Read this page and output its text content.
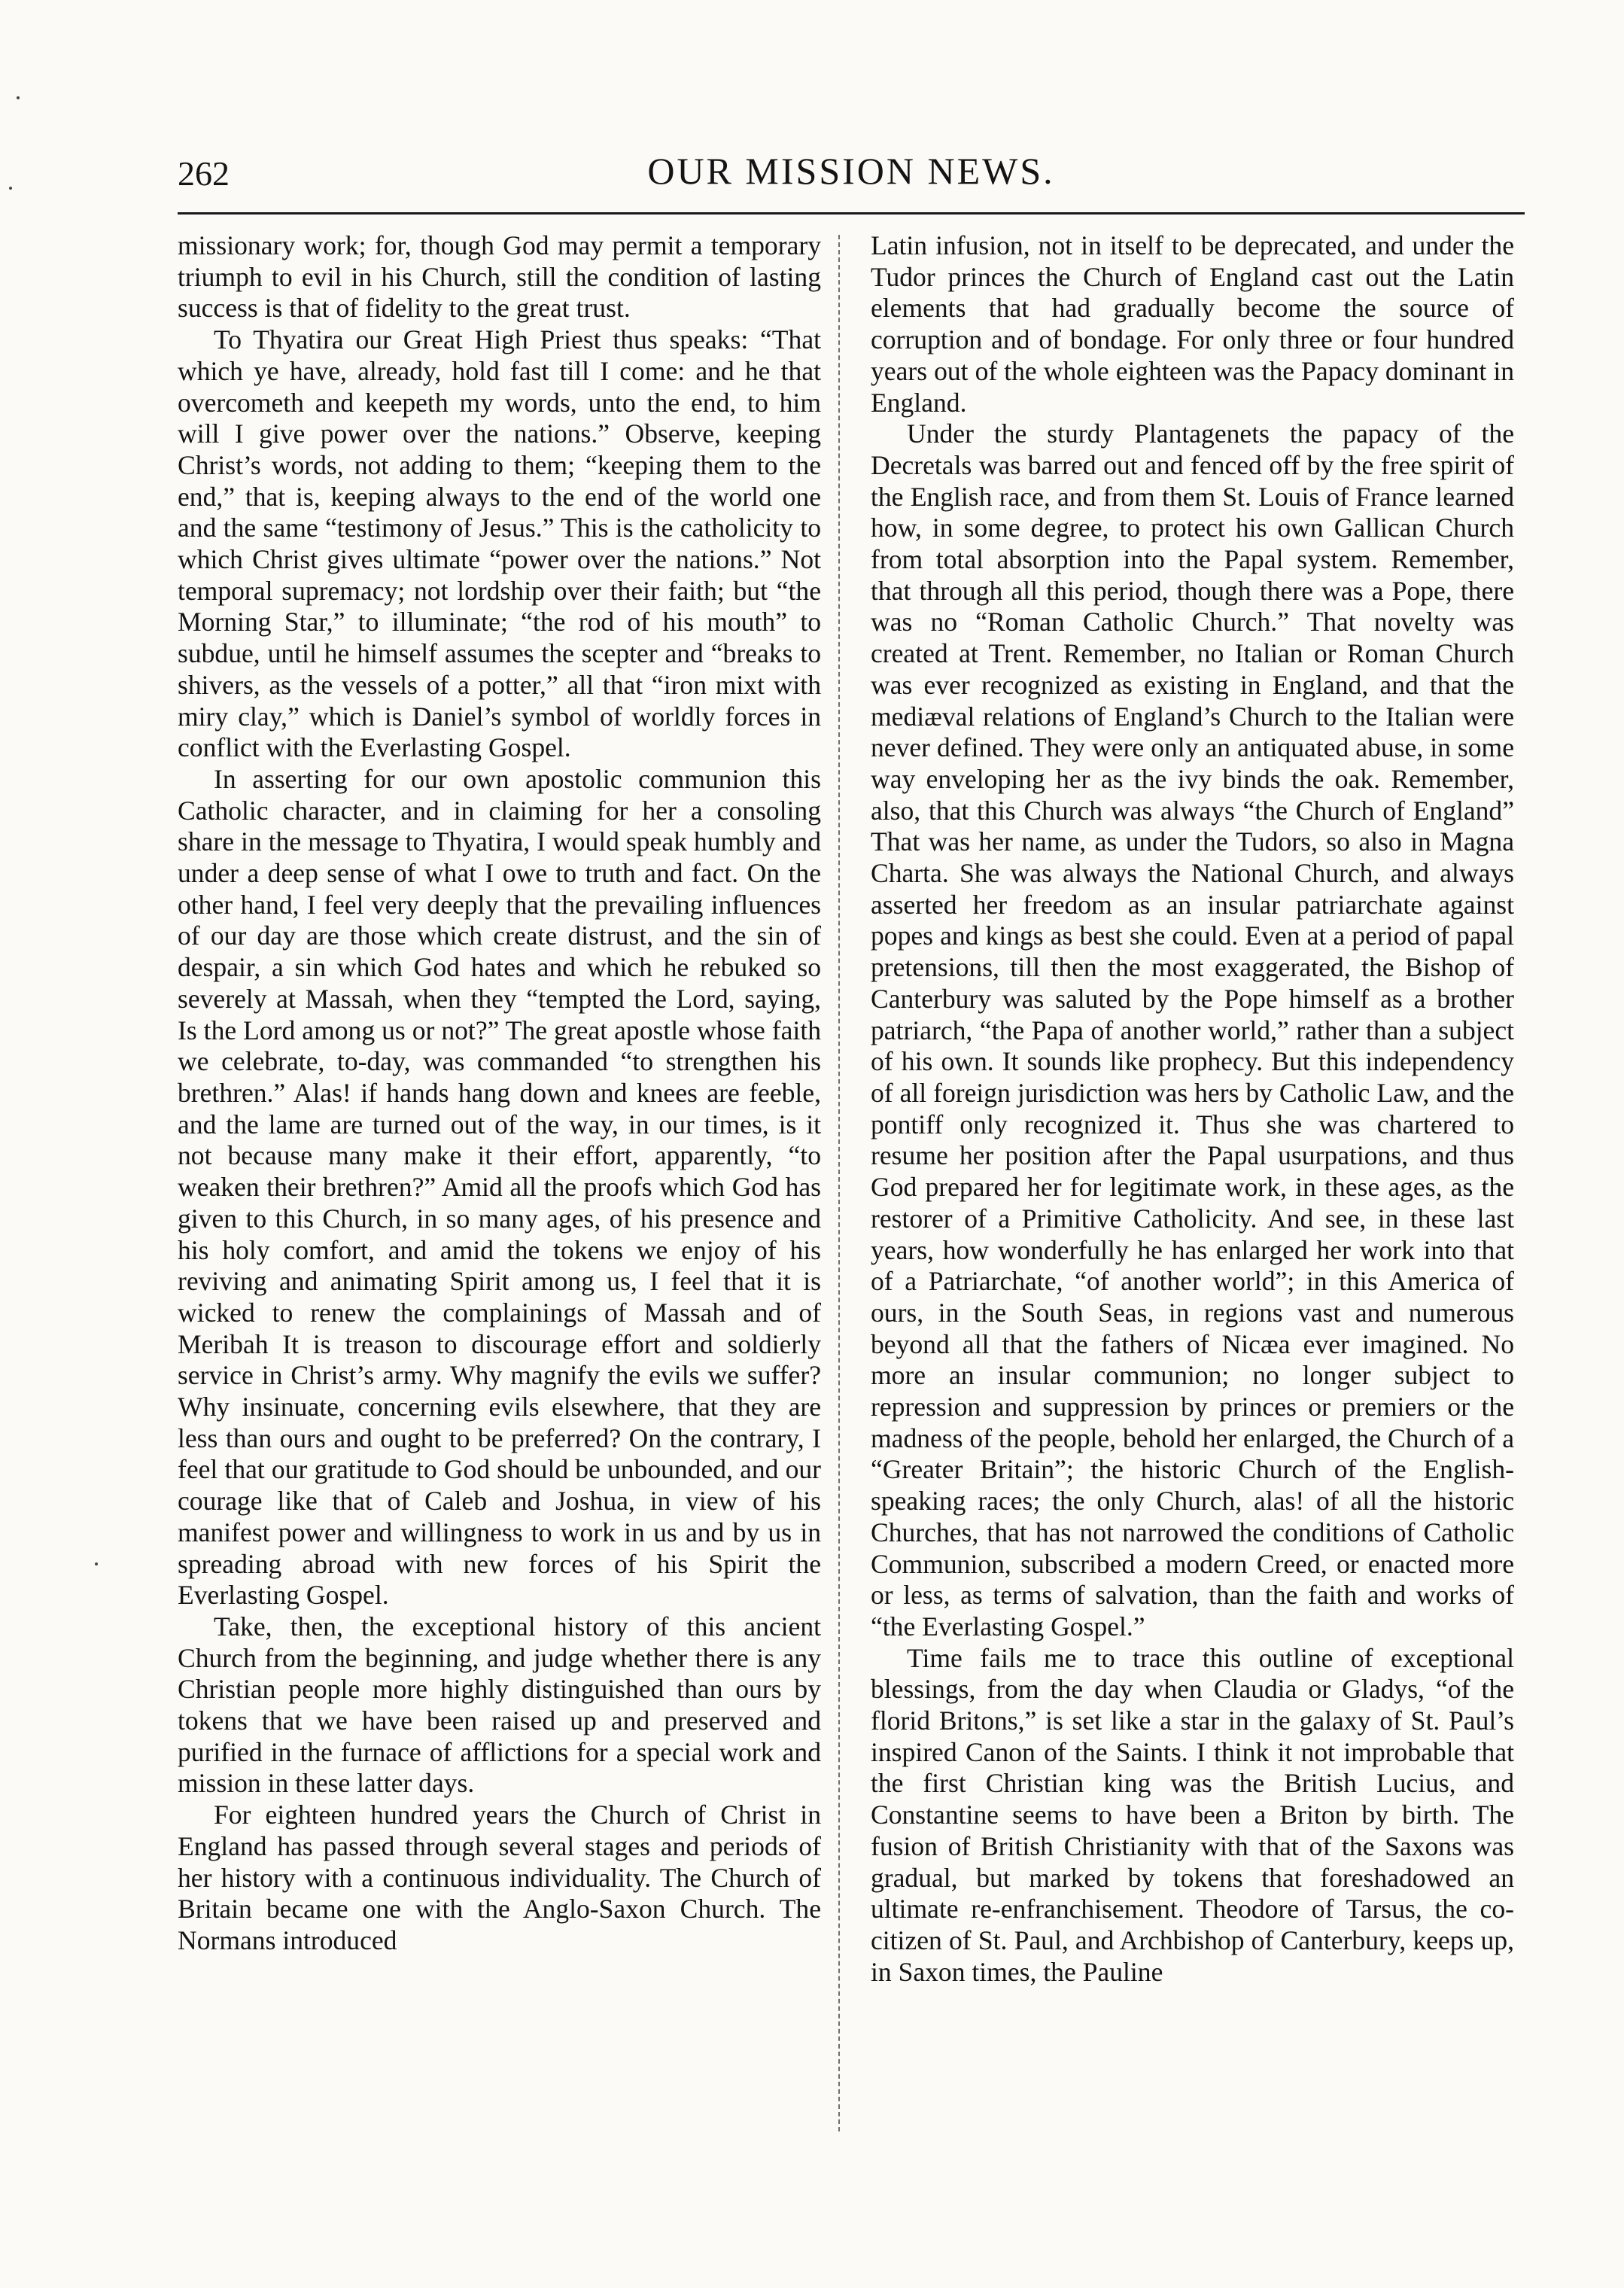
262	OUR MISSION NEWS.

missionary work; for, though God may permit a temporary triumph to evil in his Church, still the condition of lasting success is that of fidelity to the great trust.

To Thyatira our Great High Priest thus speaks: “That which ye have, already, hold fast till I come: and he that overcometh and keepeth my words, unto the end, to him will I give power over the nations.” Observe, keeping Christ’s words, not adding to them; “keeping them to the end,” that is, keeping always to the end of the world one and the same “testimony of Jesus.” This is the catholicity to which Christ gives ultimate “power over the nations.” Not temporal supremacy; not lordship over their faith; but “the Morning Star,” to illuminate; “the rod of his mouth” to subdue, until he himself assumes the scepter and “breaks to shivers, as the vessels of a potter,” all that “iron mixt with miry clay,” which is Daniel’s symbol of worldly forces in conflict with the Everlasting Gospel.

In asserting for our own apostolic communion this Catholic character, and in claiming for her a consoling share in the message to Thyatira, I would speak humbly and under a deep sense of what I owe to truth and fact. On the other hand, I feel very deeply that the prevailing influences of our day are those which create distrust, and the sin of despair, a sin which God hates and which he rebuked so severely at Massah, when they “tempted the Lord, saying, Is the Lord among us or not?” The great apostle whose faith we celebrate, to-day, was commanded “to strengthen his brethren.” Alas! if hands hang down and knees are feeble, and the lame are turned out of the way, in our times, is it not because many make it their effort, apparently, “to weaken their brethren?” Amid all the proofs which God has given to this Church, in so many ages, of his presence and his holy comfort, and amid the tokens we enjoy of his reviving and animating Spirit among us, I feel that it is wicked to renew the complainings of Massah and of Meribah It is treason to discourage effort and soldierly service in Christ’s army. Why magnify the evils we suffer? Why insinuate, concerning evils elsewhere, that they are less than ours and ought to be preferred? On the contrary, I feel that our gratitude to God should be unbounded, and our courage like that of Caleb and Joshua, in view of his manifest power and willingness to work in us and by us in spreading abroad with new forces of his Spirit the Everlasting Gospel.

Take, then, the exceptional history of this ancient Church from the beginning, and judge whether there is any Christian people more highly distinguished than ours by tokens that we have been raised up and preserved and purified in the furnace of afflictions for a special work and mission in these latter days.

For eighteen hundred years the Church of Christ in England has passed through several stages and periods of her history with a continuous individuality. The Church of Britain became one with the Anglo-Saxon Church. The Normans introduced

Latin infusion, not in itself to be deprecated, and under the Tudor princes the Church of England cast out the Latin elements that had gradually become the source of corruption and of bondage. For only three or four hundred years out of the whole eighteen was the Papacy dominant in England.

Under the sturdy Plantagenets the papacy of the Decretals was barred out and fenced off by the free spirit of the English race, and from them St. Louis of France learned how, in some degree, to protect his own Gallican Church from total absorption into the Papal system. Remember, that through all this period, though there was a Pope, there was no “Roman Catholic Church.” That novelty was created at Trent. Remember, no Italian or Roman Church was ever recognized as existing in England, and that the mediæval relations of England’s Church to the Italian were never defined. They were only an antiquated abuse, in some way enveloping her as the ivy binds the oak. Remember, also, that this Church was always “the Church of England” That was her name, as under the Tudors, so also in Magna Charta. She was always the National Church, and always asserted her freedom as an insular patriarchate against popes and kings as best she could. Even at a period of papal pretensions, till then the most exaggerated, the Bishop of Canterbury was saluted by the Pope himself as a brother patriarch, “the Papa of another world,” rather than a subject of his own. It sounds like prophecy. But this independency of all foreign jurisdiction was hers by Catholic Law, and the pontiff only recognized it. Thus she was chartered to resume her position after the Papal usurpations, and thus God prepared her for legitimate work, in these ages, as the restorer of a Primitive Catholicity. And see, in these last years, how wonderfully he has enlarged her work into that of a Patriarchate, “of another world”; in this America of ours, in the South Seas, in regions vast and numerous beyond all that the fathers of Nicæa ever imagined. No more an insular communion; no longer subject to repression and suppression by princes or premiers or the madness of the people, behold her enlarged, the Church of a “Greater Britain”; the historic Church of the English-speaking races; the only Church, alas! of all the historic Churches, that has not narrowed the conditions of Catholic Communion, subscribed a modern Creed, or enacted more or less, as terms of salvation, than the faith and works of “the Everlasting Gospel.”

Time fails me to trace this outline of exceptional blessings, from the day when Claudia or Gladys, “of the florid Britons,” is set like a star in the galaxy of St. Paul’s inspired Canon of the Saints. I think it not improbable that the first Christian king was the British Lucius, and Constantine seems to have been a Briton by birth. The fusion of British Christianity with that of the Saxons was gradual, but marked by tokens that foreshadowed an ultimate re-enfranchisement. Theodore of Tarsus, the co-citizen of St. Paul, and Archbishop of Canterbury, keeps up, in Saxon times, the Pauline
